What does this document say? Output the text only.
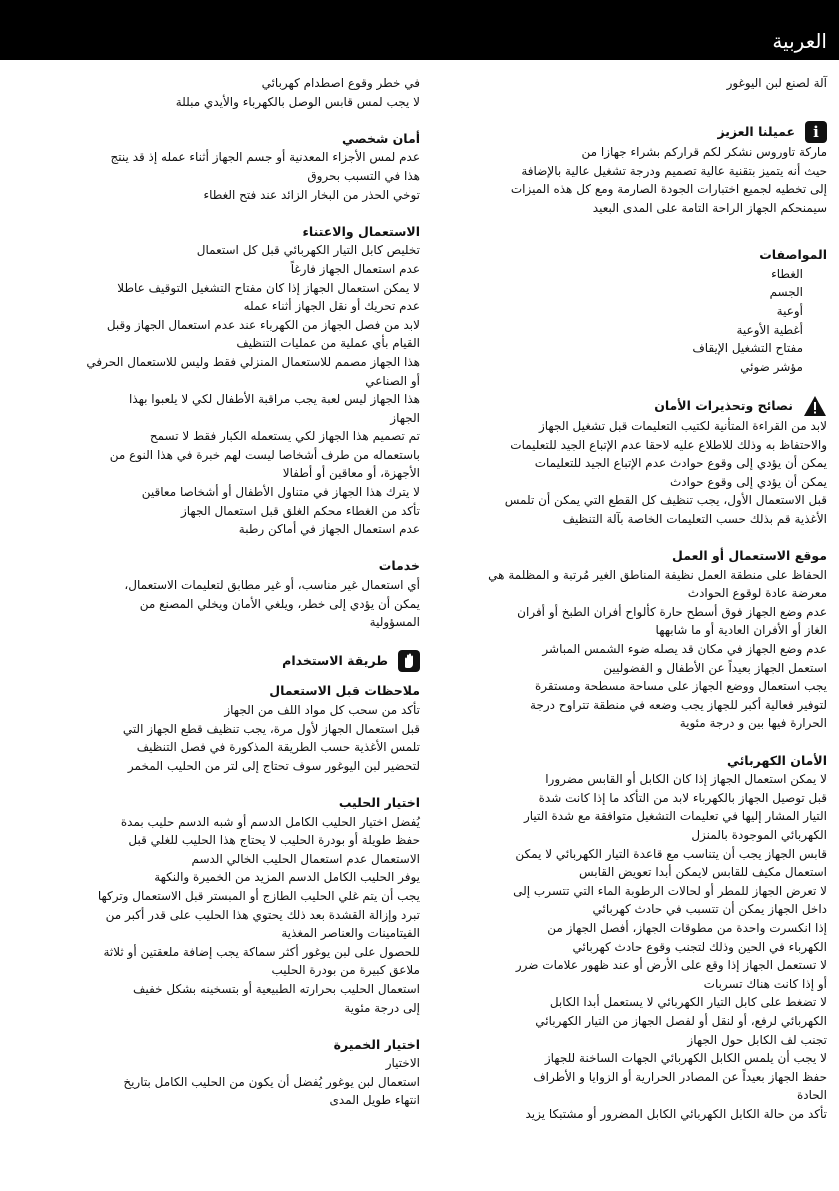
العربية
آلة لصنع لبن اليوغور
i
عميلنا العزيز
ماركة تاوروس نشكر لكم قراركم بشراء جهازا من
حيث أنه يتميز بتقنية عالية تصميم ودرجة تشغيل عالية بالإضافة
إلى تخطيه لجميع اختبارات الجودة الصارمة ومع كل هذه الميزات
سيمنحكم الجهاز الراحة التامة على المدى البعيد
المواصفات
الغطاء
الجسم
أوعية
أغطية الأوعية
مفتاح التشغيل الإيقاف
مؤشر ضوئي
نصائح وتحذيرات الأمان
لابد من القراءة المتأنية لكتيب التعليمات قبل تشغيل الجهاز
والاحتفاظ به وذلك للاطلاع عليه لاحقا عدم الإتباع الجيد للتعليمات
يمكن أن يؤدي إلى وقوع حوادث عدم الإتباع الجيد للتعليمات
يمكن أن يؤدي إلى وقوع حوادث
قبل الاستعمال الأول، يجب تنظيف كل القطع التي يمكن أن تلمس
الأغذية قم بذلك حسب التعليمات الخاصة بآلة التنظيف
موقع الاستعمال أو العمل
الحفاظ على منطقة العمل نظيفة المناطق الغير مُرتبة و المظلمة هي
معرضة عادة لوقوع الحوادث
عدم وضع الجهاز فوق أسطح حارة كألواح أفران الطبخ أو أفران
الغاز أو الأفران العادية أو ما شابهها
عدم وضع الجهاز في مكان قد يصله ضوء الشمس المباشر
استعمل الجهاز بعيداً عن الأطفال و الفضوليين
يجب استعمال ووضع الجهاز على مساحة مسطحة ومستقرة
لتوفير فعالية أكبر للجهاز يجب وضعه في منطقة تتراوح درجة
الحرارة فيها بين و درجة مئوية
الأمان الكهربائي
لا يمكن استعمال الجهاز إذا كان الكابل أو القابس مضرورا
قبل توصيل الجهاز بالكهرباء لابد من التأكد ما إذا كانت شدة
التيار المشار إليها في تعليمات التشغيل متوافقة مع شدة التيار
الكهربائي الموجودة بالمنزل
قابس الجهاز يجب أن يتناسب مع قاعدة التيار الكهربائي لا يمكن
استعمال مكيف للقابس لايمكن أبدا تعويض القابس
لا تعرض الجهاز للمطر أو لحالات الرطوبة الماء التي تتسرب إلى
داخل الجهاز يمكن أن تتسبب في حادث كهربائي
إذا انكسرت واحدة من مطوقات الجهاز، أفصل الجهاز من
الكهرباء في الحين وذلك لتجنب وقوع حادث كهربائي
لا تستعمل الجهاز إذا وقع على الأرض أو عند ظهور علامات ضرر
أو إذا كانت هناك تسربات
لا تضغط على كابل التيار الكهربائي لا يستعمل أبدا الكابل
الكهربائي لرفع، أو لنقل أو لفصل الجهاز من التيار الكهربائي
تجنب لف الكابل حول الجهاز
لا يجب أن يلمس الكابل الكهربائي الجهات الساخنة للجهاز
حفظ الجهاز بعيداً عن المصادر الحرارية أو الزوايا و الأطراف
الحادة
تأكد من حالة الكابل الكهربائي الكابل المضرور أو مشتبكا يزيد
في خطر وقوع اصطدام كهربائي
لا يجب لمس قابس الوصل بالكهرباء والأيدي مبللة
أمان شخصي
عدم لمس الأجزاء المعدنية أو جسم الجهاز أثناء عمله إذ قد ينتج
هذا في التسبب بحروق
توخي الحذر من البخار الزائد عند فتح الغطاء
الاستعمال والاعتناء
تخليص كابل التيار الكهربائي قبل كل استعمال
عدم استعمال الجهاز فارغاً
لا يمكن استعمال الجهاز إذا كان مفتاح التشغيل التوقيف عاطلا
عدم تحريك أو نقل الجهاز أثناء عمله
لابد من فصل الجهاز من الكهرباء عند عدم استعمال الجهاز وقبل
القيام بأي عملية من عمليات التنظيف
هذا الجهاز مصمم للاستعمال المنزلي فقط وليس للاستعمال الحرفي
أو الصناعي
هذا الجهاز ليس لعبة يجب مراقبة الأطفال لكي لا يلعبوا بهذا
الجهاز
تم تصميم هذا الجهاز لكي يستعمله الكبار فقط لا تسمح
باستعماله من طرف أشخاصا ليست لهم خبرة في هذا النوع من
الأجهزة، أو معاقين أو أطفالا
لا يترك هذا الجهاز في متناول الأطفال أو أشخاصا معاقين
تأكد من الغطاء محكم الغلق قبل استعمال الجهاز
عدم استعمال الجهاز في أماكن رطبة
خدمات
أي استعمال غير مناسب، أو غير مطابق لتعليمات الاستعمال،
يمكن أن يؤدي إلى خطر، ويلغي الأمان ويخلي المصنع من
المسؤولية
طريقة الاستخدام
ملاحظات قبل الاستعمال
تأكد من سحب كل مواد اللف من الجهاز
قبل استعمال الجهاز لأول مرة، يجب تنظيف قطع الجهاز التي
تلمس الأغذية حسب الطريقة المذكورة في فصل التنظيف
لتحضير لبن اليوغور سوف تحتاج إلى لتر من الحليب المخمر
اختيار الحليب
يُفضل اختيار الحليب الكامل الدسم أو شبه الدسم حليب بمدة
حفظ طويلة أو بودرة الحليب لا يحتاج هذا الحليب للغلي قبل
الاستعمال عدم استعمال الحليب الخالي الدسم
يوفر الحليب الكامل الدسم المزيد من الخميرة والنكهة
يجب أن يتم غلي الحليب الطازج أو المبستر قبل الاستعمال وتركها
تبرد وإزالة القشدة بعد ذلك يحتوي هذا الحليب على قدر أكبر من
الفيتامينات والعناصر المغذية
للحصول على لبن يوغور أكثر سماكة يجب إضافة ملعقتين أو ثلاثة
ملاعق كبيرة من بودرة الحليب
استعمال الحليب بحرارته الطبيعية أو بتسخينه بشكل خفيف
إلى درجة مئوية
اختيار الخميرة
الاختيار
استعمال لبن يوغور يُفضل أن يكون من الحليب الكامل بتاريخ
انتهاء طويل المدى
